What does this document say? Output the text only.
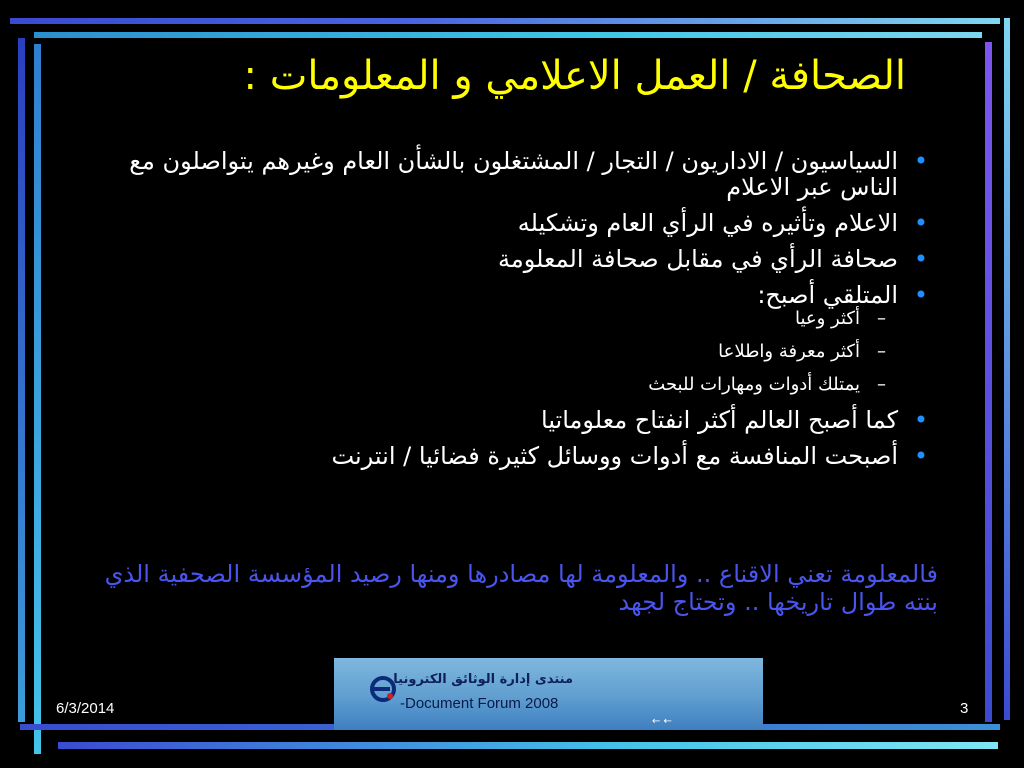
الصحافة / العمل الاعلامي و المعلومات :
•
السياسيون / الاداريون / التجار / المشتغلون بالشأن العام وغيرهم يتواصلون مع الناس عبر الاعلام
•
الاعلام وتأثيره في الرأي العام وتشكيله
•
صحافة الرأي في مقابل صحافة المعلومة
•
المتلقي أصبح:
–
أكثر وعيا
–
أكثر معرفة واطلاعا
–
يمتلك أدوات ومهارات للبحث
•
كما أصبح العالم أكثر انفتاح معلوماتيا
•
أصبحت المنافسة مع أدوات ووسائل كثيرة فضائيا / انترنت
فالمعلومة تعني الاقناع .. والمعلومة لها مصادرها ومنها رصيد المؤسسة الصحفية الذي بنته طوال تاريخها .. وتحتاج لجهد
6/3/2014	3
منتدى إدارة الوثائق الكترونيا
-Document Forum 2008
← ←
